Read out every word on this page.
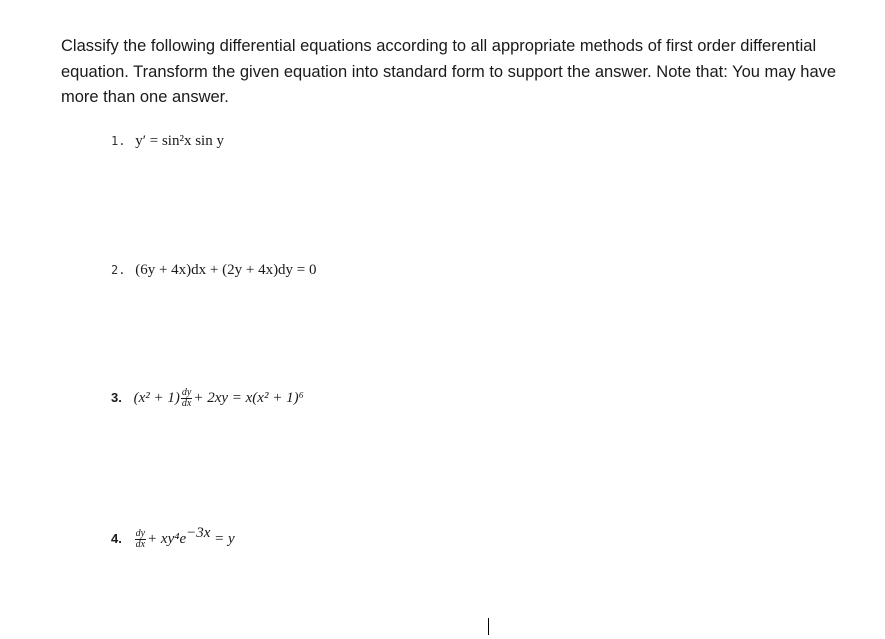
Classify the following differential equations according to all appropriate methods of first order differential equation. Transform the given equation into standard form to support the answer. Note that: You may have more than one answer.

1. y′ = sin²x sin y
2. (6y + 4x)dx + (2y + 4x)dy = 0
3. $(x^2 + 1) \frac{dy}{dx} + 2xy = x(x^2 + 1)^6$
4. $\frac{dy}{dx} + xy^4e^{-3x} = y$
